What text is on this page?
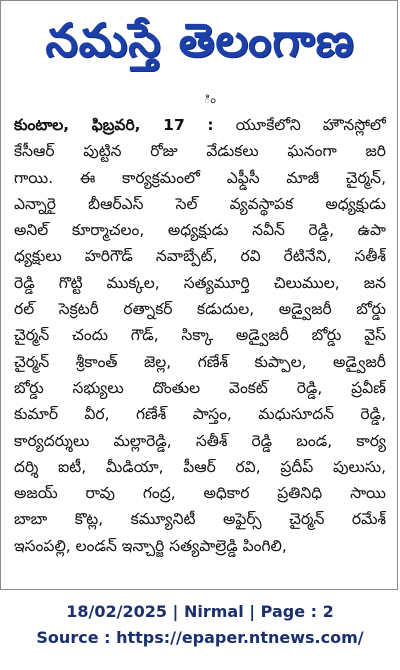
నమస్తే తెలంగాణ
ిం
కుంటాల, ఫిబ్రవరి, 17 : యూకేలోని హౌనస్లోలో
కేసీఆర్ పుట్టిన రోజు వేడుకలు ఘనంగా జరి
గాయి. ఈ కార్యక్రమంలో ఎఫ్డీసీ మాజీ చైర్మన్,
ఎన్నారై బీఆర్ఎస్ సెల్ వ్యవస్థాపక అధ్యక్షుడు
అనిల్ కూర్మాచలం, అధ్యక్షుడు నవీన్ రెడ్డి, ఉపా
ధ్యక్షులు హరిగౌడ్ నవాబ్పేట్, రవి రేటినేని, సతీశ్
రెడ్డి గొట్టి ముక్కల, సత్యమూర్తి చిలుముల, జన
రల్ సెక్రటరీ రత్నాకర్ కడుదుల, అడ్వైజరీ బోర్డు
చైర్మన్ చందు గౌడ్, సిక్కా అడ్వైజరీ బోర్డు వైస్
చైర్మన్ శ్రీకాంత్ జెల్ల, గణేశ్ కుప్పాల, అడ్వైజరీ
బోర్డు సభ్యులు దొంతుల వెంకట్ రెడ్డి, ప్రవీణ్
కుమార్ వీర, గణేశ్ పాస్తం, మధుసూదన్ రెడ్డి,
కార్యదర్శులు మల్లారెడ్డి, సతీశ్ రెడ్డి బండ, కార్య
దర్శి ఐటీ, మీడియా, పీఆర్ రవి, ప్రదీప్ పులుసు,
అజయ్ రావు గంద్ర, అధికార ప్రతినిధి సాయి
బాబా కొట్ల, కమ్యూనిటీ అఫైర్స్ చైర్మన్ రమేశ్
ఇసంపల్లి, లండన్ ఇన్చార్జి సత్యపాల్రెడ్డి పింగిలి,
18/02/2025 | Nirmal | Page : 2
Source : https://epaper.ntnews.com/
